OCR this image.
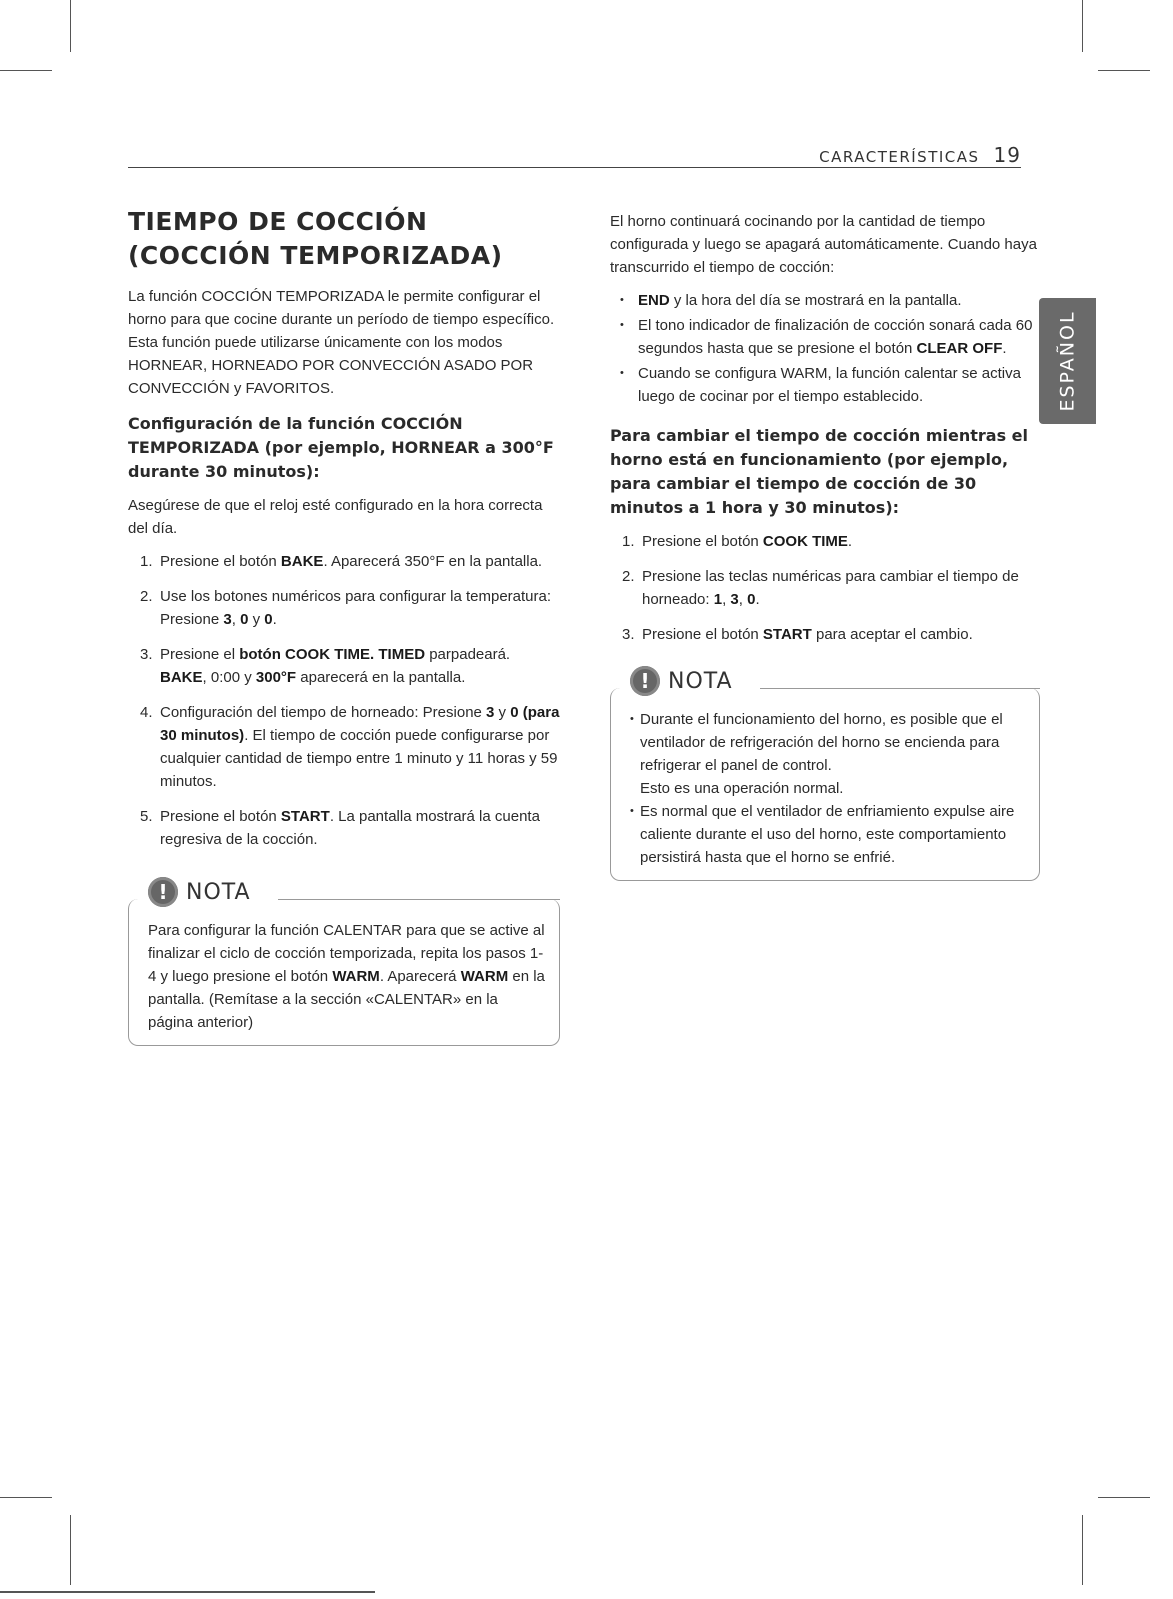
CARACTERÍSTICAS 19
ESPAÑOL
TIEMPO DE COCCIÓN (COCCIÓN TEMPORIZADA)

La función COCCIÓN TEMPORIZADA le permite configurar el horno para que cocine durante un período de tiempo específico. Esta función puede utilizarse únicamente con los modos HORNEAR, HORNEADO POR CONVECCIÓN ASADO POR CONVECCIÓN y FAVORITOS.

Configuración de la función COCCIÓN TEMPORIZADA (por ejemplo, HORNEAR a 300°F durante 30 minutos):

Asegúrese de que el reloj esté configurado en la hora correcta del día.

1. Presione el botón BAKE. Aparecerá 350°F en la pantalla.
2. Use los botones numéricos para configurar la temperatura: Presione 3, 0 y 0.
3. Presione el botón COOK TIME. TIMED parpadeará. BAKE, 0:00 y 300°F aparecerá en la pantalla.
4. Configuración del tiempo de horneado: Presione 3 y 0 (para 30 minutos). El tiempo de cocción puede configurarse por cualquier cantidad de tiempo entre 1 minuto y 11 horas y 59 minutos.
5. Presione el botón START. La pantalla mostrará la cuenta regresiva de la cocción.
! NOTA

Para configurar la función CALENTAR para que se active al finalizar el ciclo de cocción temporizada, repita los pasos 1-4 y luego presione el botón WARM. Aparecerá WARM en la pantalla. (Remítase a la sección «CALENTAR» en la página anterior)

El horno continuará cocinando por la cantidad de tiempo configurada y luego se apagará automáticamente. Cuando haya transcurrido el tiempo de cocción:

• END y la hora del día se mostrará en la pantalla.
• El tono indicador de finalización de cocción sonará cada 60 segundos hasta que se presione el botón CLEAR OFF.
• Cuando se configura WARM, la función calentar se activa luego de cocinar por el tiempo establecido.
Para cambiar el tiempo de cocción mientras el horno está en funcionamiento (por ejemplo, para cambiar el tiempo de cocción de 30 minutos a 1 hora y 30 minutos):
1. Presione el botón COOK TIME.
2. Presione las teclas numéricas para cambiar el tiempo de horneado: 1, 3, 0.
3. Presione el botón START para aceptar el cambio.
! NOTA

• Durante el funcionamiento del horno, es posible que el ventilador de refrigeración del horno se encienda para refrigerar el panel de control.

Esto es una operación normal.

• Es normal que el ventilador de enfriamiento expulse aire caliente durante el uso del horno, este comportamiento persistirá hasta que el horno se enfrié.
